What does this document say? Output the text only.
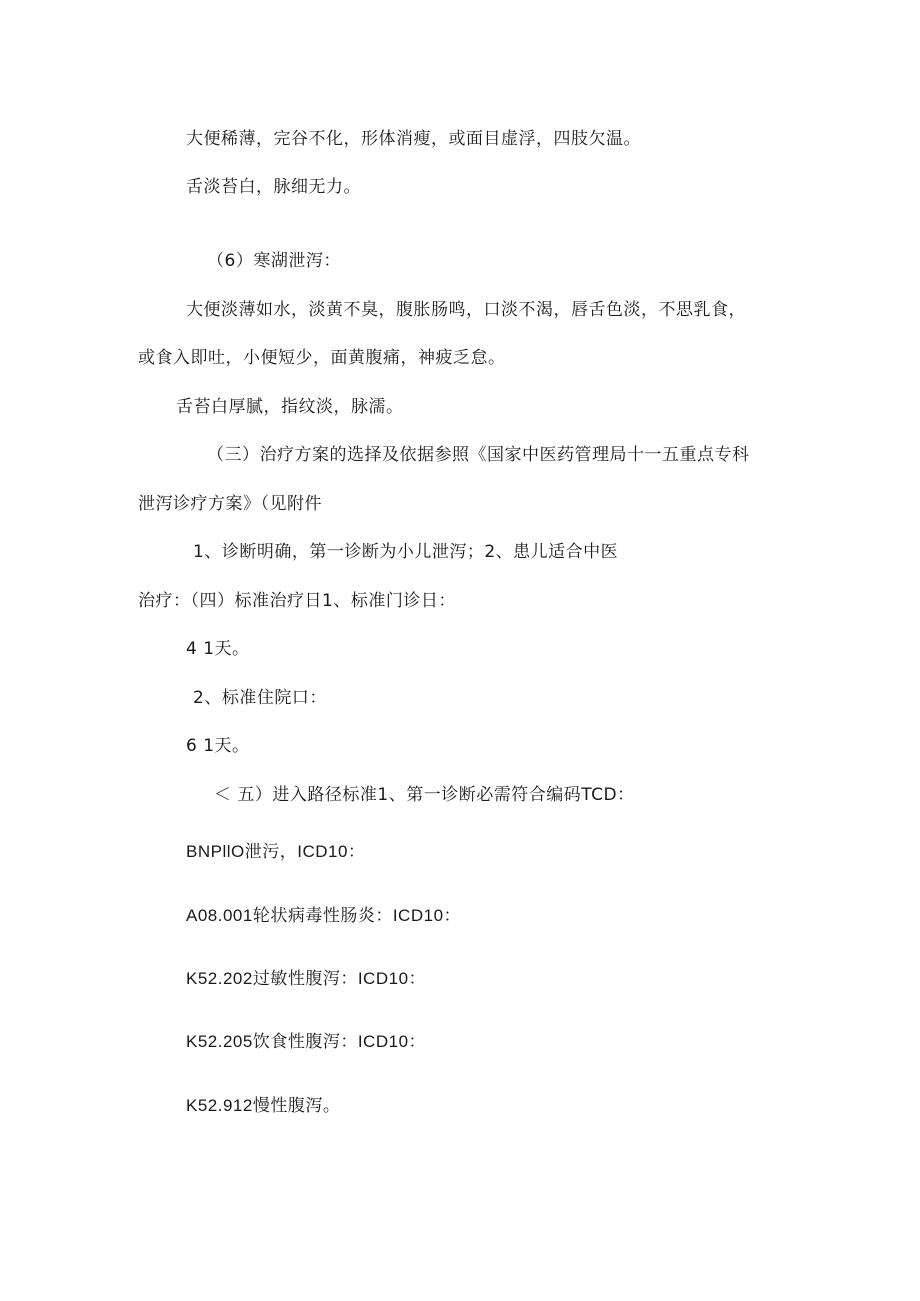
大便稀薄，完谷不化，形体消瘦，或面目虚浮，四肢欠温。
舌淡苔白，脉细无力。
（6）寒湖泄泻：
大便淡薄如水，淡黄不臭，腹胀肠鸣，口淡不渴，唇舌色淡，不思乳食，
或食入即吐，小便短少，面黄腹痛，神疲乏怠。
舌苔白厚腻，指纹淡，脉濡。
（三）治疗方案的选择及依据参照《国家中医药管理局十一五重点专科
泄泻诊疗方案》（见附件
1、诊断明确，第一诊断为小儿泄泻；2、患儿适合中医
治疗：（四）标准治疗日1、标准门诊日：
4 1天。
2、标准住院口：
6 1天。
＜ 五）进入路径标准1、第一诊断必需符合编码TCD：
BNPllO泄污，ICD10：
A08.001轮状病毒性肠炎：ICD10：
K52.202过敏性腹泻：ICD10：
K52.205饮食性腹泻：ICD10：
K52.912慢性腹泻。
